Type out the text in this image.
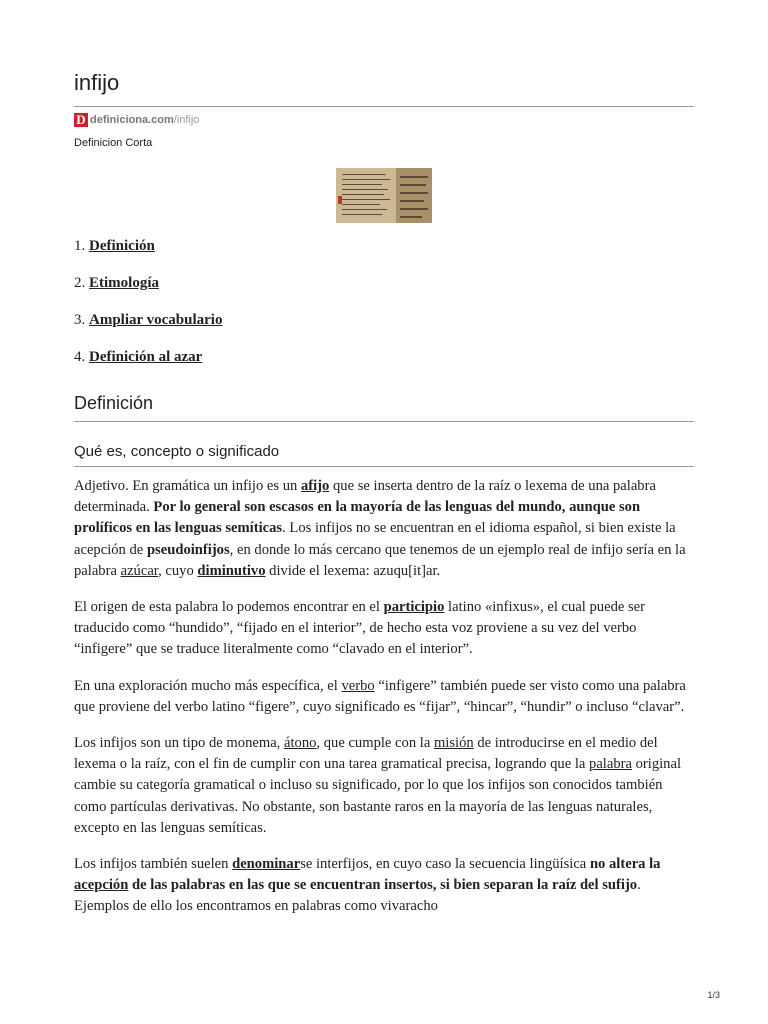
infijo
D definiciona.com /infijo
Definicion Corta
1. Definición
2. Etimología
3. Ampliar vocabulario
4. Definición al azar
Definición
Qué es, concepto o significado

Adjetivo. En gramática un infijo es un afijo que se inserta dentro de la raíz o lexema de una palabra determinada. Por lo general son escasos en la mayoría de las lenguas del mundo, aunque son prolíficos en las lenguas semíticas. Los infijos no se encuentran en el idioma español, si bien existe la acepción de pseudoinfijos, en donde lo más cercano que tenemos de un ejemplo real de infijo sería en la palabra azúcar, cuyo diminutivo divide el lexema: azuqu[it]ar.

El origen de esta palabra lo podemos encontrar en el participio latino «infixus», el cual puede ser traducido como “hundido”, “fijado en el interior”, de hecho esta voz proviene a su vez del verbo “infigere” que se traduce literalmente como “clavado en el interior”.

En una exploración mucho más específica, el verbo “infigere” también puede ser visto como una palabra que proviene del verbo latino “figere”, cuyo significado es “fijar”, “hincar”, “hundir” o incluso “clavar”.

Los infijos son un tipo de monema, átono, que cumple con la misión de introducirse en el medio del lexema o la raíz, con el fin de cumplir con una tarea gramatical precisa, logrando que la palabra original cambie su categoría gramatical o incluso su significado, por lo que los infijos son conocidos también como partículas derivativas. No obstante, son bastante raros en la mayoría de las lenguas naturales, excepto en las lenguas semíticas.

Los infijos también suelen denominarse interfijos, en cuyo caso la secuencia lingüísica no altera la acepción de las palabras en las que se encuentran insertos, si bien separan la raíz del sufijo. Ejemplos de ello los encontramos en palabras como vivaracho

1/3
